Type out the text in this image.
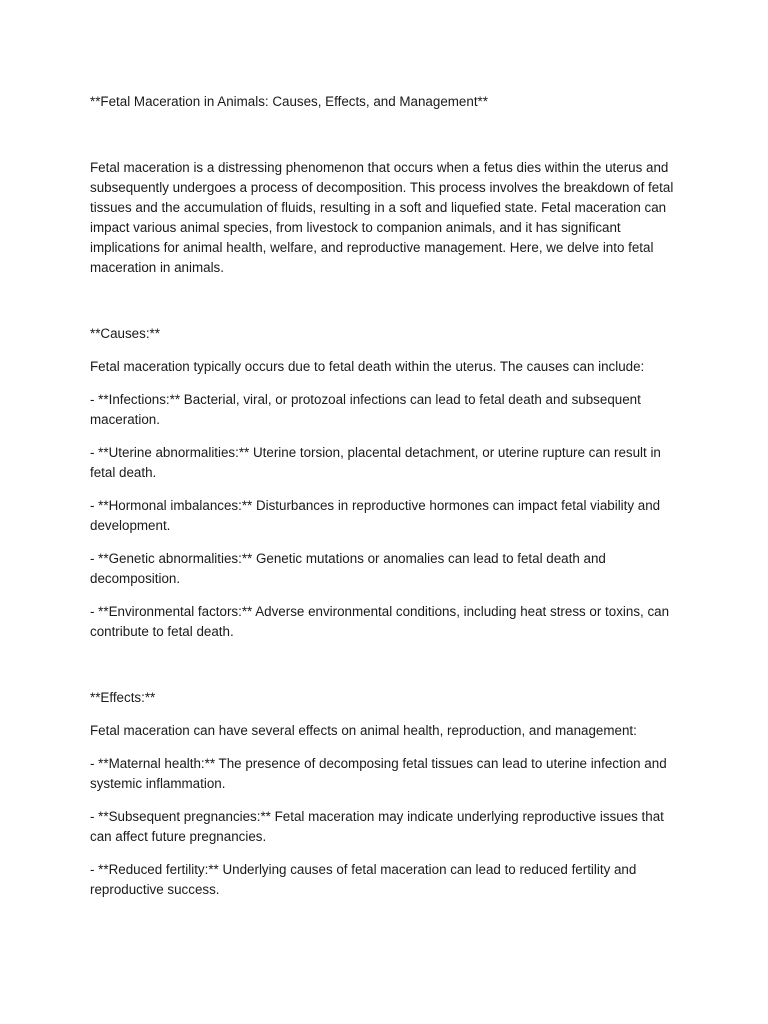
**Fetal Maceration in Animals: Causes, Effects, and Management**

Fetal maceration is a distressing phenomenon that occurs when a fetus dies within the uterus and subsequently undergoes a process of decomposition. This process involves the breakdown of fetal tissues and the accumulation of fluids, resulting in a soft and liquefied state. Fetal maceration can impact various animal species, from livestock to companion animals, and it has significant implications for animal health, welfare, and reproductive management. Here, we delve into fetal maceration in animals.

**Causes:**

Fetal maceration typically occurs due to fetal death within the uterus. The causes can include:

- **Infections:** Bacterial, viral, or protozoal infections can lead to fetal death and subsequent maceration.

- **Uterine abnormalities:** Uterine torsion, placental detachment, or uterine rupture can result in fetal death.

- **Hormonal imbalances:** Disturbances in reproductive hormones can impact fetal viability and development.

- **Genetic abnormalities:** Genetic mutations or anomalies can lead to fetal death and decomposition.

- **Environmental factors:** Adverse environmental conditions, including heat stress or toxins, can contribute to fetal death.

**Effects:**

Fetal maceration can have several effects on animal health, reproduction, and management:

- **Maternal health:** The presence of decomposing fetal tissues can lead to uterine infection and systemic inflammation.

- **Subsequent pregnancies:** Fetal maceration may indicate underlying reproductive issues that can affect future pregnancies.

- **Reduced fertility:** Underlying causes of fetal maceration can lead to reduced fertility and reproductive success.
